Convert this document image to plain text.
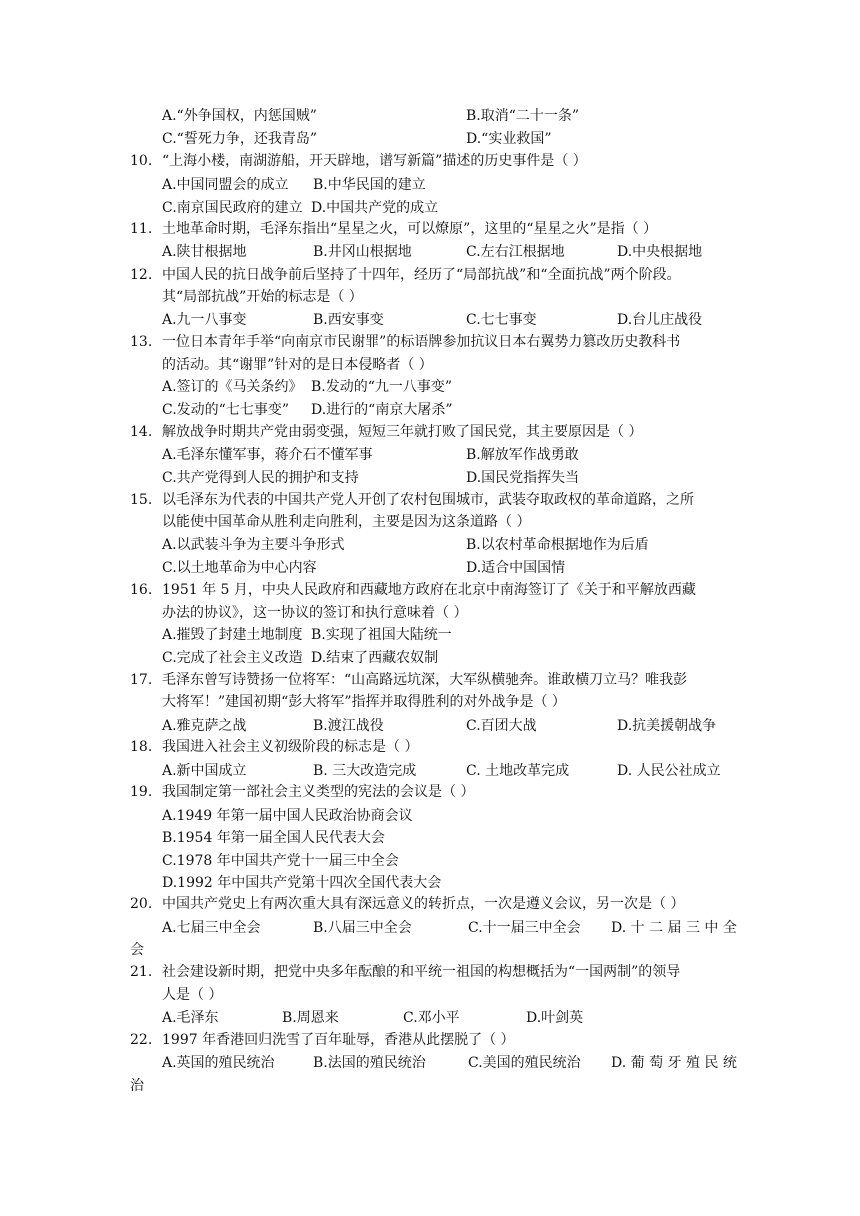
A.“外争国权，内惩国贼”	B.取消“二十一条”
C.“誓死力争，还我青岛”	D.“实业救国”
10. “上海小楼，南湖游船，开天辟地，谱写新篇”描述的历史事件是（ ）
A.中国同盟会的成立 B.中华民国的建立
C.南京国民政府的建立 D.中国共产党的成立
11. 土地革命时期，毛泽东指出“星星之火，可以燎原”，这里的“星星之火”是指（ ）
A.陕甘根据地	B.井冈山根据地	C.左右江根据地	D.中央根据地
12. 中国人民的抗日战争前后坚持了十四年，经历了“局部抗战”和“全面抗战”两个阶段。
其“局部抗战”开始的标志是（ ）
A.九一八事变	B.西安事变	C.七七事变	D.台儿庄战役
13. 一位日本青年手举“向南京市民谢罪”的标语牌参加抗议日本右翼势力篡改历史教科书
的活动。其“谢罪”针对的是日本侵略者（ ）
A.签订的《马关条约》 B.发动的“九一八事变”
C.发动的“七七事变” D.进行的“南京大屠杀”
14. 解放战争时期共产党由弱变强，短短三年就打败了国民党，其主要原因是（ ）
A.毛泽东懂军事，蒋介石不懂军事	B.解放军作战勇敢
C.共产党得到人民的拥护和支持	D.国民党指挥失当
15. 以毛泽东为代表的中国共产党人开创了农村包围城市，武装夺取政权的革命道路，之所
以能使中国革命从胜利走向胜利，主要是因为这条道路（ ）
A.以武装斗争为主要斗争形式	B.以农村革命根据地作为后盾
C.以土地革命为中心内容	D.适合中国国情
16. 1951 年 5 月，中央人民政府和西藏地方政府在北京中南海签订了《关于和平解放西藏
办法的协议》，这一协议的签订和执行意味着（ ）
A.摧毁了封建土地制度 B.实现了祖国大陆统一
C.完成了社会主义改造 D.结束了西藏农奴制
17. 毛泽东曾写诗赞扬一位将军：“山高路远坑深，大军纵横驰奔。谁敢横刀立马？唯我彭
大将军！”建国初期“彭大将军”指挥并取得胜利的对外战争是（ ）
A.雅克萨之战	B.渡江战役	C.百团大战	D.抗美援朝战争
18. 我国进入社会主义初级阶段的标志是（ ）
A.新中国成立	B. 三大改造完成	C. 土地改革完成	D. 人民公社成立
19. 我国制定第一部社会主义类型的宪法的会议是（ ）
A.1949 年第一届中国人民政治协商会议
B.1954 年第一届全国人民代表大会
C.1978 年中国共产党十一届三中全会
D.1992 年中国共产党第十四次全国代表大会
20. 中国共产党史上有两次重大具有深远意义的转折点，一次是遵义会议，另一次是（ ）
A.七届三中全会	B.八届三中全会	C.十一届三中全会 D. 十 二 届 三 中 全
会
21. 社会建设新时期，把党中央多年酝酿的和平统一祖国的构想概括为“一国两制”的领导
人是（ ）
A.毛泽东	B.周恩来	C.邓小平	D.叶剑英
22. 1997 年香港回归洗雪了百年耻辱，香港从此摆脱了（ ）
A.英国的殖民统治	B.法国的殖民统治	C.美国的殖民统治 D. 葡 萄 牙 殖 民 统
治
